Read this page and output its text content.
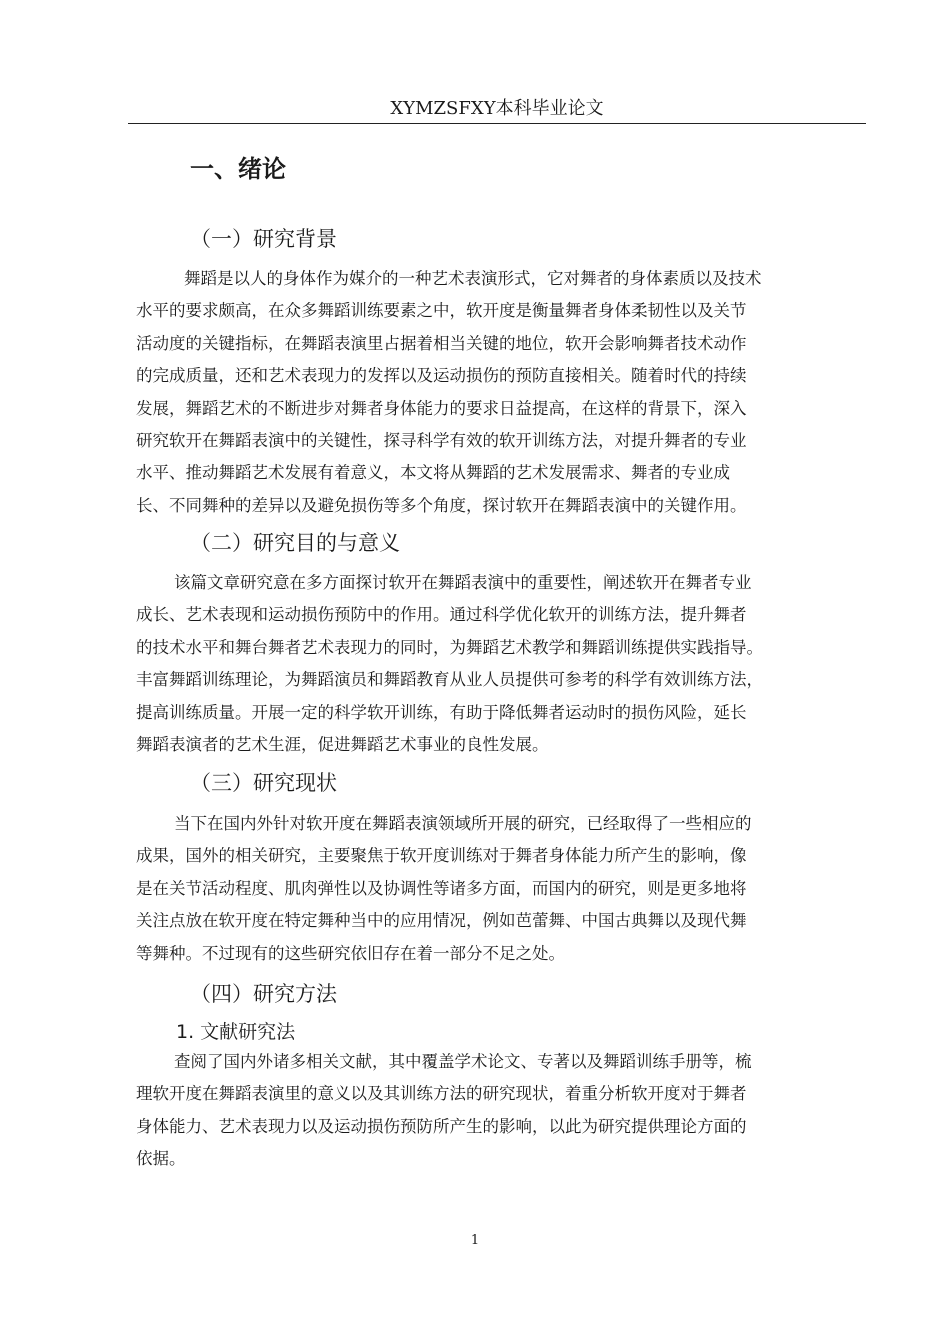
XYMZSFXY本科毕业论文
一、绪论
（一）研究背景
舞蹈是以人的身体作为媒介的一种艺术表演形式，它对舞者的身体素质以及技术
水平的要求颇高，在众多舞蹈训练要素之中，软开度是衡量舞者身体柔韧性以及关节
活动度的关键指标，在舞蹈表演里占据着相当关键的地位，软开会影响舞者技术动作
的完成质量，还和艺术表现力的发挥以及运动损伤的预防直接相关。随着时代的持续
发展，舞蹈艺术的不断进步对舞者身体能力的要求日益提高，在这样的背景下，深入
研究软开在舞蹈表演中的关键性，探寻科学有效的软开训练方法，对提升舞者的专业
水平、推动舞蹈艺术发展有着意义，本文将从舞蹈的艺术发展需求、舞者的专业成
长、不同舞种的差异以及避免损伤等多个角度，探讨软开在舞蹈表演中的关键作用。
（二）研究目的与意义
该篇文章研究意在多方面探讨软开在舞蹈表演中的重要性，阐述软开在舞者专业
成长、艺术表现和运动损伤预防中的作用。通过科学优化软开的训练方法，提升舞者
的技术水平和舞台舞者艺术表现力的同时，为舞蹈艺术教学和舞蹈训练提供实践指导。
丰富舞蹈训练理论，为舞蹈演员和舞蹈教育从业人员提供可参考的科学有效训练方法，
提高训练质量。开展一定的科学软开训练，有助于降低舞者运动时的损伤风险，延长
舞蹈表演者的艺术生涯，促进舞蹈艺术事业的良性发展。
（三）研究现状
当下在国内外针对软开度在舞蹈表演领域所开展的研究，已经取得了一些相应的
成果，国外的相关研究，主要聚焦于软开度训练对于舞者身体能力所产生的影响，像
是在关节活动程度、肌肉弹性以及协调性等诸多方面，而国内的研究，则是更多地将
关注点放在软开度在特定舞种当中的应用情况，例如芭蕾舞、中国古典舞以及现代舞
等舞种。不过现有的这些研究依旧存在着一部分不足之处。
（四）研究方法
1. 文献研究法
查阅了国内外诸多相关文献，其中覆盖学术论文、专著以及舞蹈训练手册等，梳
理软开度在舞蹈表演里的意义以及其训练方法的研究现状，着重分析软开度对于舞者
身体能力、艺术表现力以及运动损伤预防所产生的影响，以此为研究提供理论方面的
依据。
1
